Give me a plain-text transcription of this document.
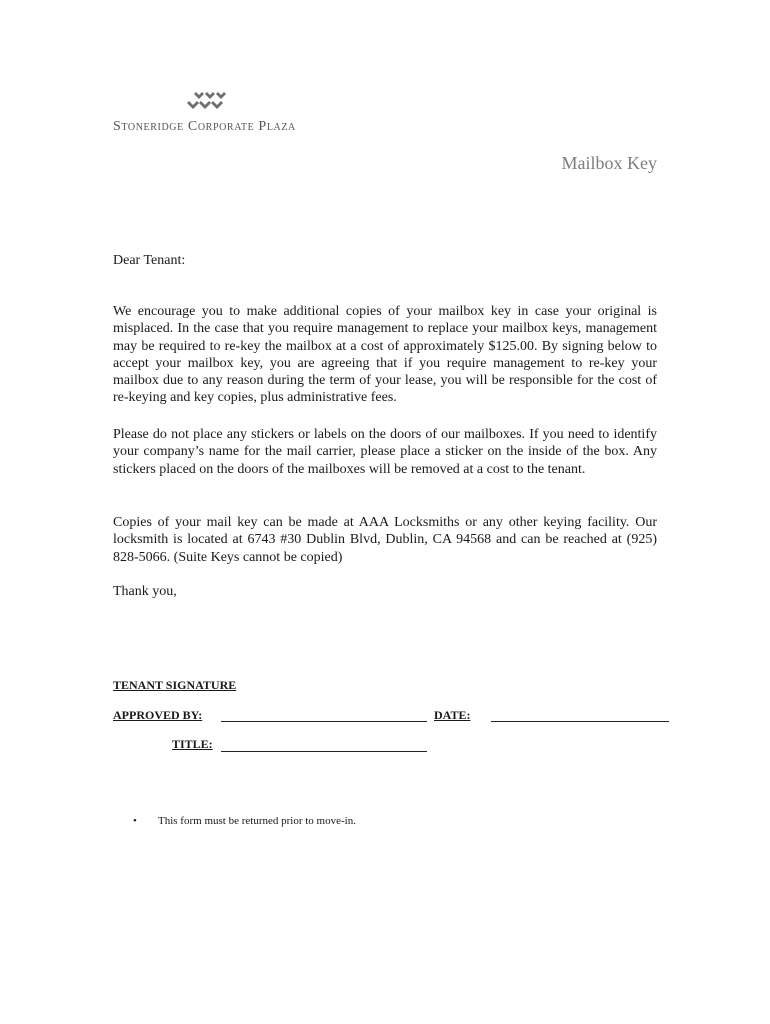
Stoneridge Corporate Plaza
Mailbox Key
Dear Tenant:
We encourage you to make additional copies of your mailbox key in case your original is misplaced. In the case that you require management to replace your mailbox keys, management may be required to re-key the mailbox at a cost of approximately $125.00. By signing below to accept your mailbox key, you are agreeing that if you require management to re-key your mailbox due to any reason during the term of your lease, you will be responsible for the cost of re-keying and key copies, plus administrative fees.
Please do not place any stickers or labels on the doors of our mailboxes. If you need to identify your company’s name for the mail carrier, please place a sticker on the inside of the box. Any stickers placed on the doors of the mailboxes will be removed at a cost to the tenant.
Copies of your mail key can be made at AAA Locksmiths or any other keying facility. Our locksmith is located at 6743 #30 Dublin Blvd, Dublin, CA 94568 and can be reached at (925) 828-5066. (Suite Keys cannot be copied)
Thank you,
TENANT SIGNATURE
APPROVED BY:	DATE:
TITLE:
• This form must be returned prior to move-in.
